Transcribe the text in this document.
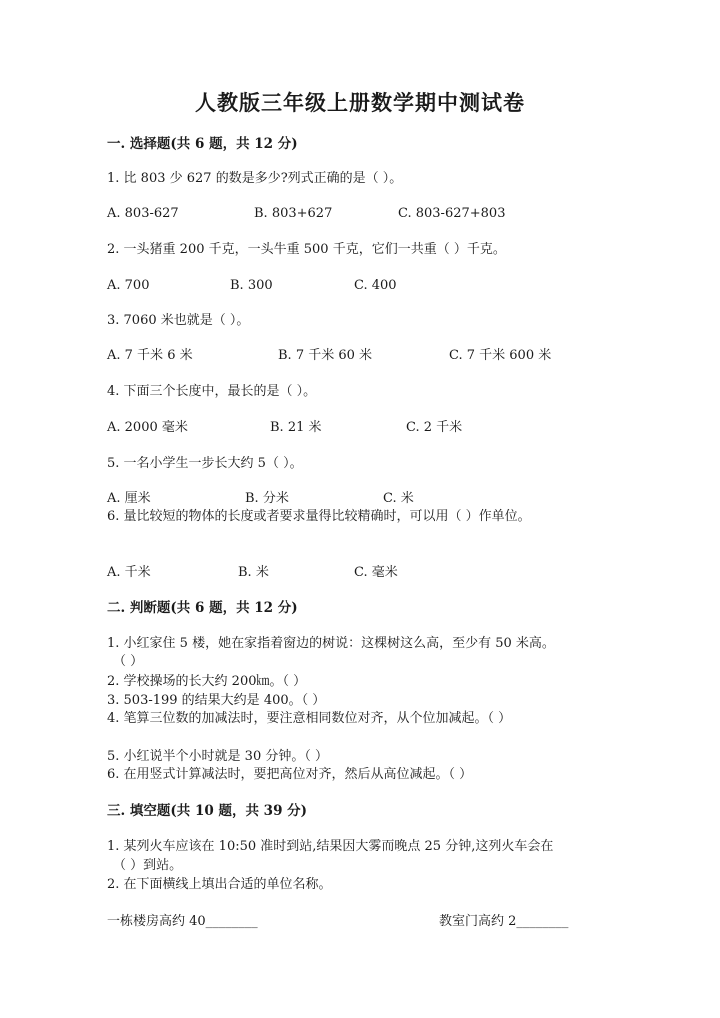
人教版三年级上册数学期中测试卷
一. 选择题(共 6 题，共 12 分)
1. 比 803 少 627 的数是多少?列式正确的是（ ）。
A. 803-627	B. 803+627	C. 803-627+803
2. 一头猪重 200 千克，一头牛重 500 千克，它们一共重（ ）千克。
A. 700	B. 300	C. 400
3. 7060 米也就是（ ）。
A. 7 千米 6 米	B. 7 千米 60 米	C. 7 千米 600 米
4. 下面三个长度中，最长的是（ ）。
A. 2000 毫米	B. 21 米	C. 2 千米
5. 一名小学生一步长大约 5（ ）。
A. 厘米	B. 分米	C. 米
6. 量比较短的物体的长度或者要求量得比较精确时，可以用（ ）作单位。
A. 千米	B. 米	C. 毫米
二. 判断题(共 6 题，共 12 分)
1. 小红家住 5 楼，她在家指着窗边的树说：这棵树这么高，至少有 50 米高。
（ ）
2. 学校操场的长大约 200㎞。（ ）
3. 503-199 的结果大约是 400。（ ）
4. 笔算三位数的加减法时，要注意相同数位对齐，从个位加减起。（ ）
5. 小红说半个小时就是 30 分钟。（ ）
6. 在用竖式计算减法时，要把高位对齐，然后从高位减起。（ ）
三. 填空题(共 10 题，共 39 分)
1. 某列火车应该在 10:50 准时到站,结果因大雾而晚点 25 分钟,这列火车会在
（ ）到站。
2. 在下面横线上填出合适的单位名称。
一栋楼房高约 40________	教室门高约 2________
